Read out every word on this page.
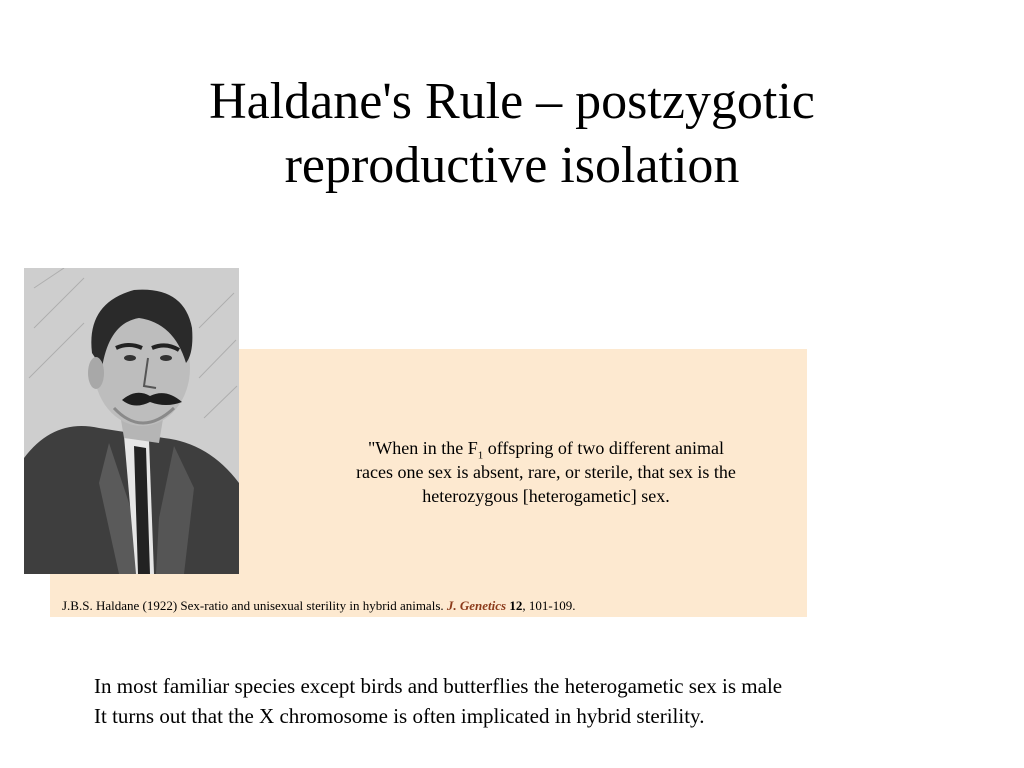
Haldane's Rule – postzygotic
reproductive isolation
"When in the $F_1$ offspring of two different animal
races one sex is absent, rare, or sterile, that sex is the
heterozygous [heterogametic] sex.
J.B.S. Haldane (1922) Sex-ratio and unisexual sterility in hybrid animals. J. Genetics 12, 101-109.
In most familiar species except birds and butterflies the heterogametic sex is male
It turns out that the X chromosome is often implicated in hybrid sterility.
